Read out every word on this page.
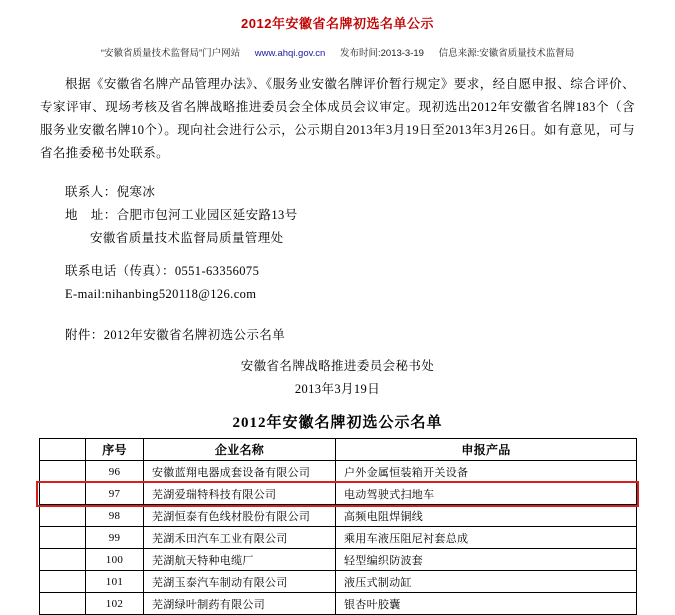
2012年安徽省名牌初选名单公示
“安徽省质量技术监督局”门户网站 www.ahqi.gov.cn 发布时间:2013-3-19 信息来源:安徽省质量技术监督局
根据《安徽省名牌产品管理办法》、《服务业安徽名牌评价暂行规定》要求，经自愿申报、综合评价、专家评审、现场考核及省名牌战略推进委员会全体成员会议审定。现初选出2012年安徽省名牌183个（含服务业安徽名牌10个）。现向社会进行公示，公示期自2013年3月19日至2013年3月26日。如有意见，可与省名推委秘书处联系。
联系人：倪寒冰
地　址：合肥市包河工业园区延安路13号
安徽省质量技术监督局质量管理处
联系电话（传真）：0551-63356075
E-mail:nihanbing520118@126.com
附件：2012年安徽省名牌初选公示名单
安徽省名牌战略推进委员会秘书处
2013年3月19日
2012年安徽名牌初选公示名单
	序号	企业名称	申报产品
	96	安徽蓝翔电器成套设备有限公司	户外金属恒装箱开关设备
	97	芜湖爱瑞特科技有限公司	电动驾驶式扫地车
	98	芜湖恒泰有色线材股份有限公司	高频电阻焊铜线
	99	芜湖禾田汽车工业有限公司	乘用车液压阻尼衬套总成
	100	芜湖航天特种电缆厂	轻型编织防波套
	101	芜湖玉泰汽车制动有限公司	液压式制动缸
	102	芜湖绿叶制药有限公司	银杏叶胶囊
